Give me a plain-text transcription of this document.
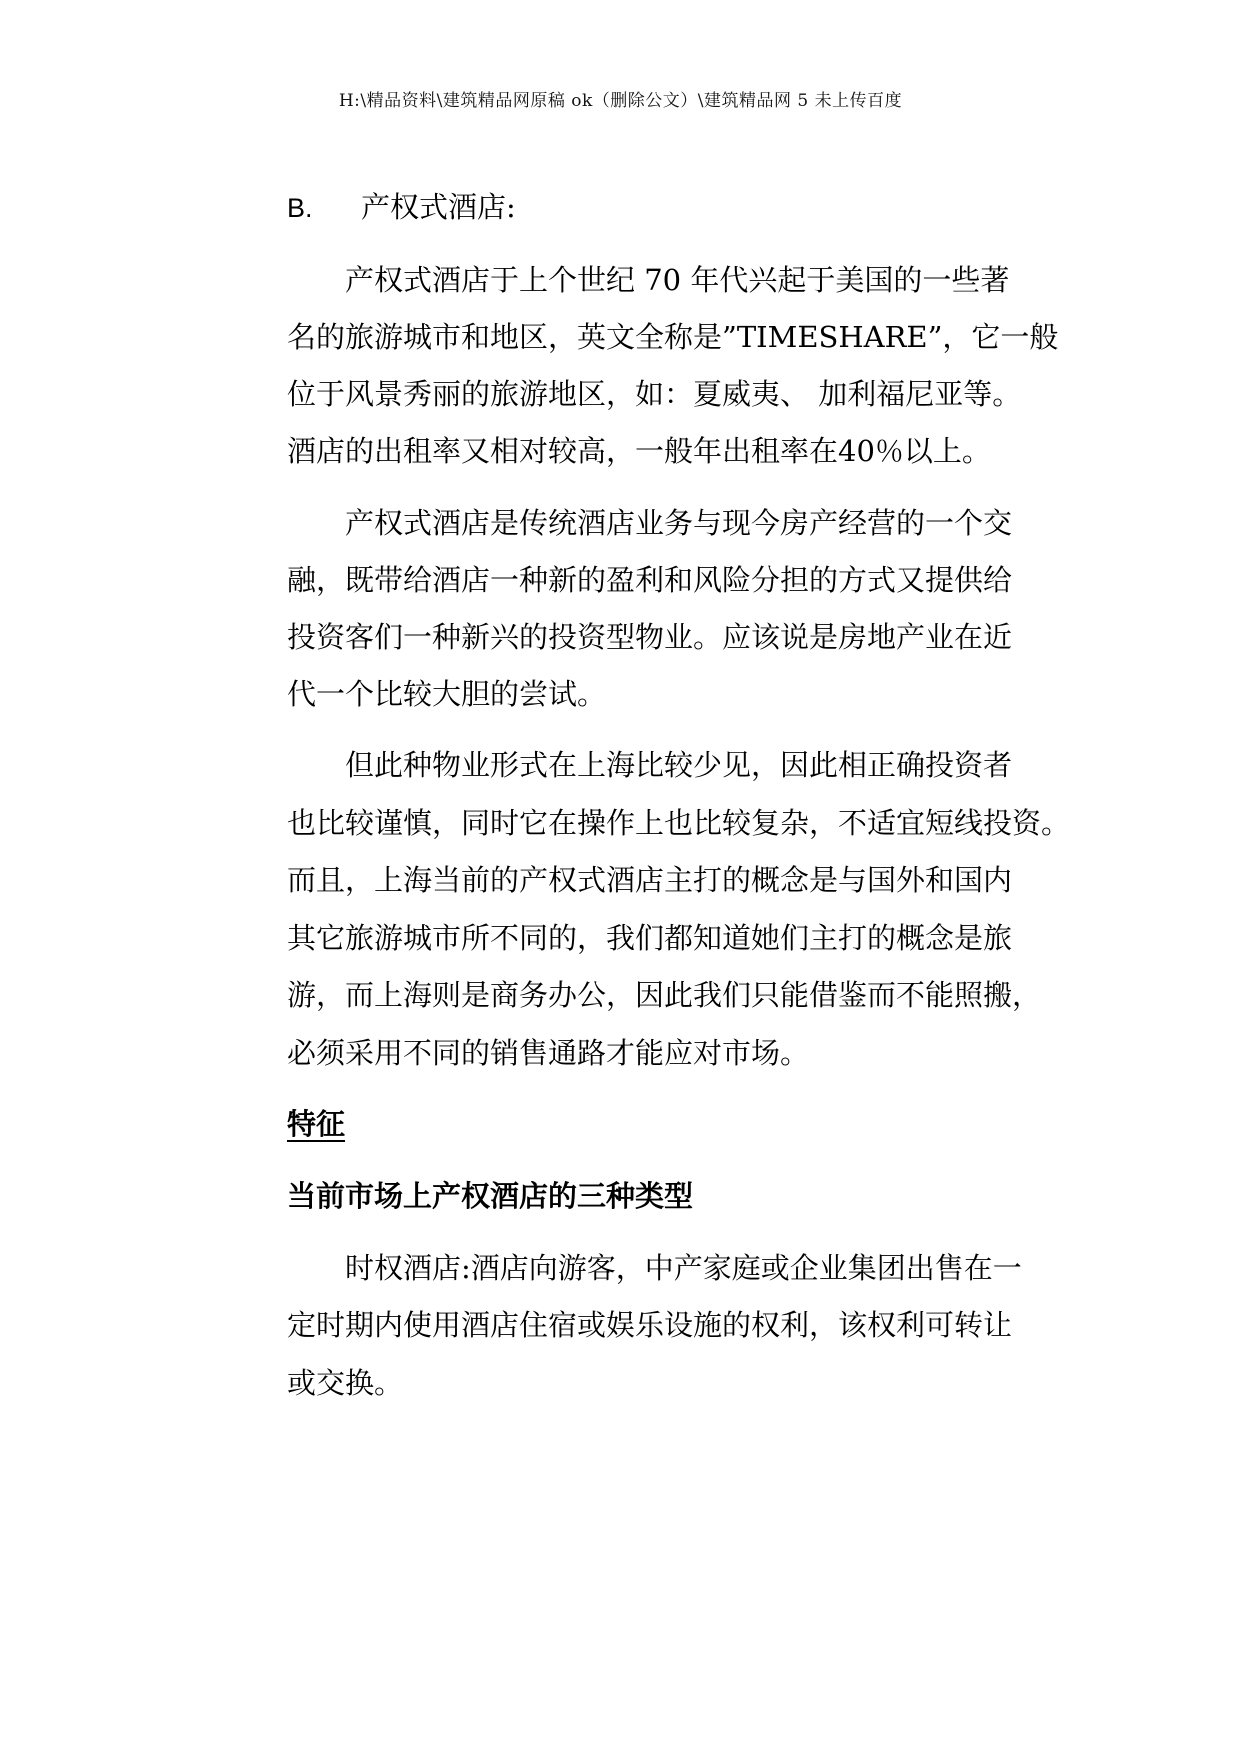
H:\精品资料\建筑精品网原稿 ok（删除公文）\建筑精品网 5 未上传百度
B. 产权式酒店:
　　产权式酒店于上个世纪 70 年代兴起于美国的一些著
名的旅游城市和地区，英文全称是”TIMESHARE”，它一般
位于风景秀丽的旅游地区，如：夏威夷、 加利福尼亚等。
酒店的出租率又相对较高，一般年出租率在40％以上。
　　产权式酒店是传统酒店业务与现今房产经营的一个交
融，既带给酒店一种新的盈利和风险分担的方式又提供给
投资客们一种新兴的投资型物业。应该说是房地产业在近
代一个比较大胆的尝试。
　　但此种物业形式在上海比较少见，因此相正确投资者
也比较谨慎，同时它在操作上也比较复杂，不适宜短线投资。
而且，上海当前的产权式酒店主打的概念是与国外和国内
其它旅游城市所不同的，我们都知道她们主打的概念是旅
游，而上海则是商务办公，因此我们只能借鉴而不能照搬，
必须采用不同的销售通路才能应对市场。
特征
当前市场上产权酒店的三种类型
　　时权酒店:酒店向游客，中产家庭或企业集团出售在一
定时期内使用酒店住宿或娱乐设施的权利，该权利可转让
或交换。
